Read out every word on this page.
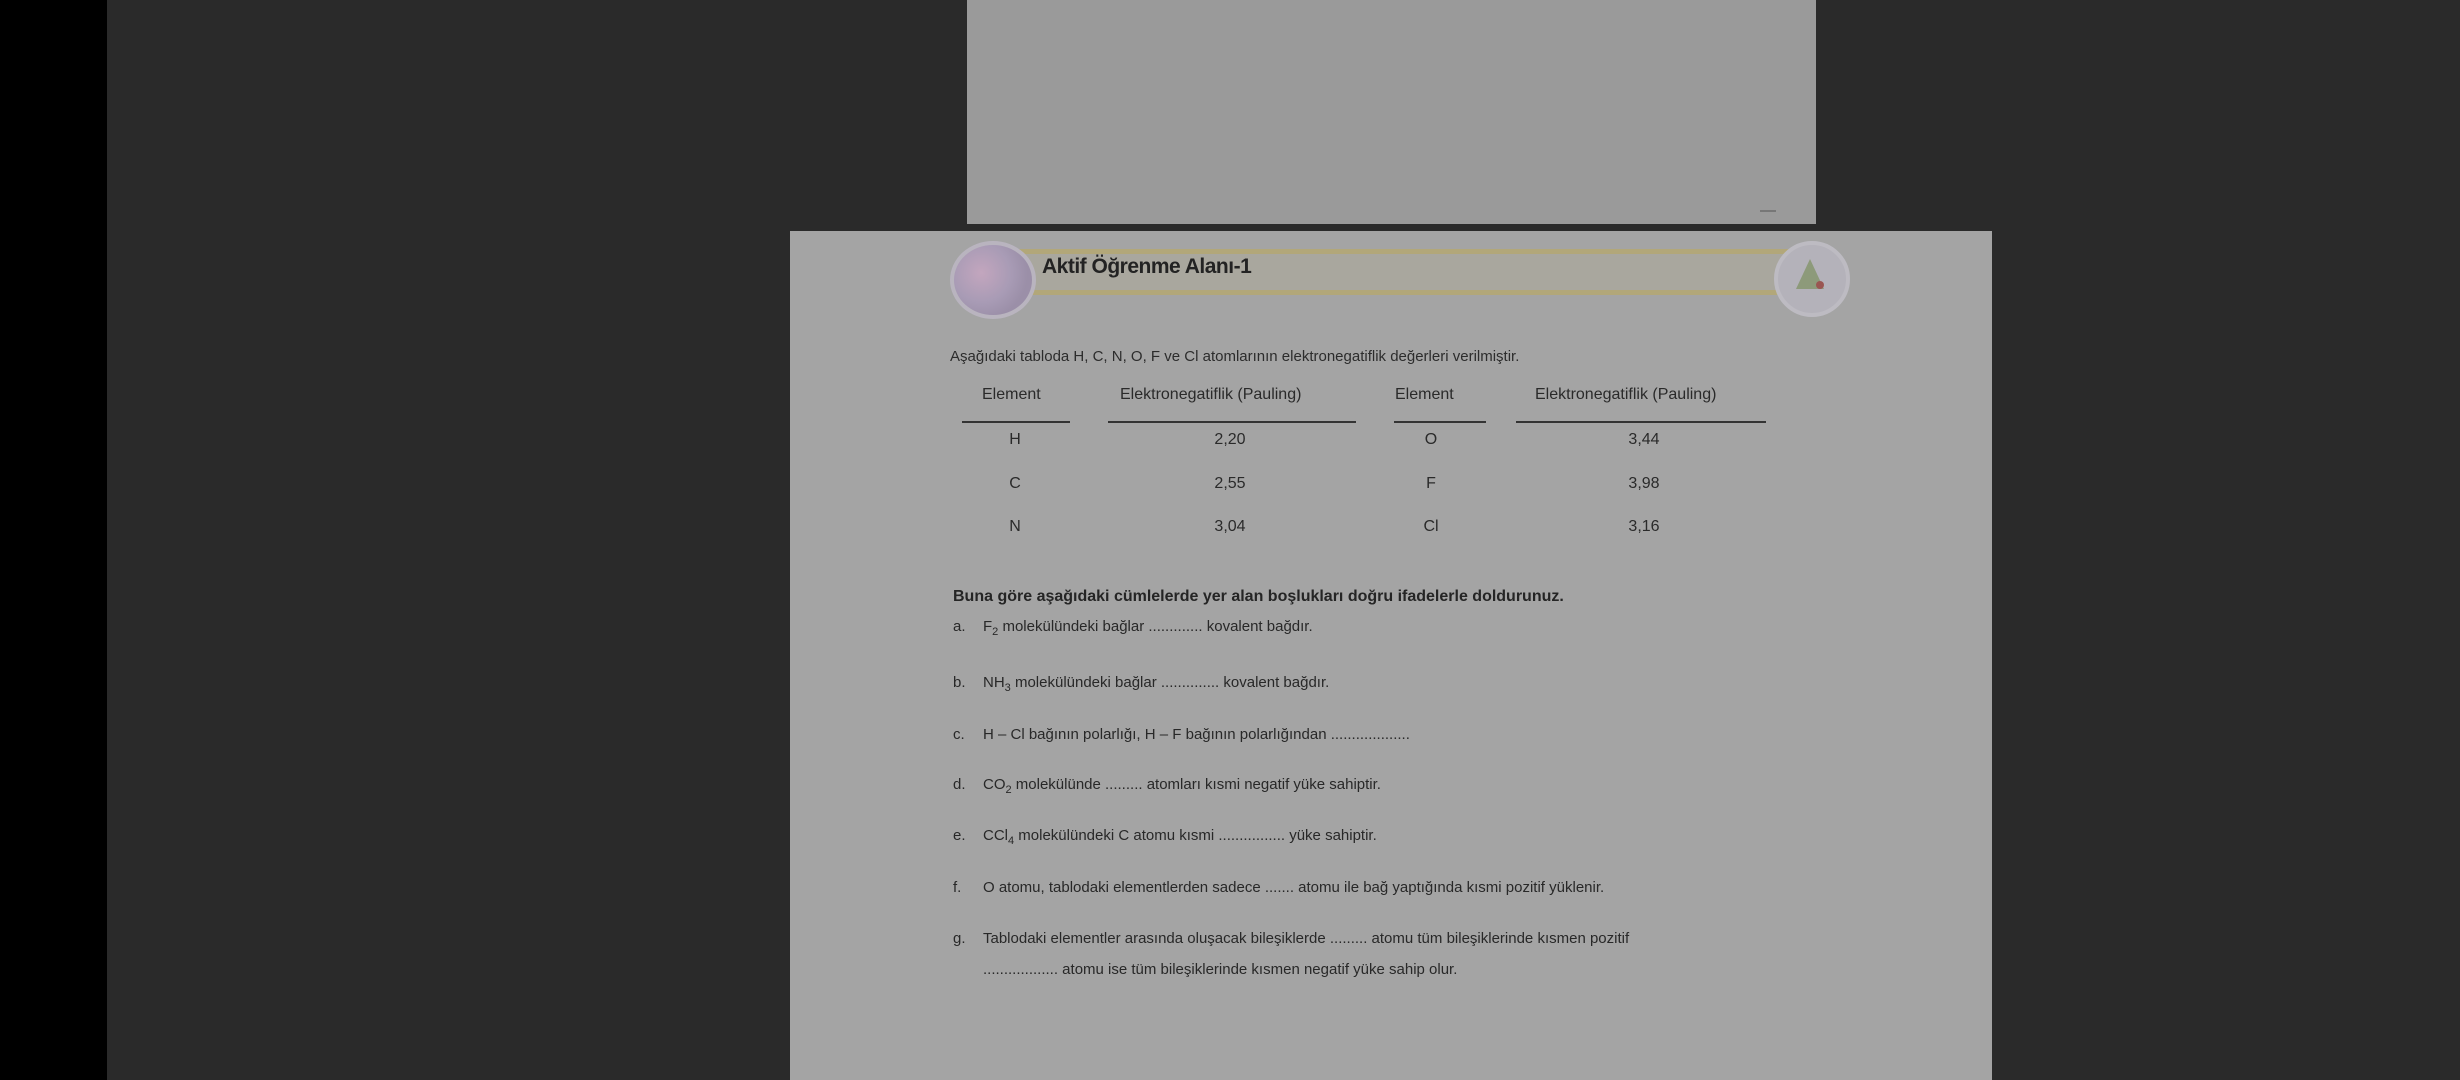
Aktif Öğrenme Alanı-1
Aşağıdaki tabloda H, C, N, O, F ve Cl atomlarının elektronegatiflik değerleri verilmiştir.
Element	Elektronegatiflik (Pauling)	Element	Elektronegatiflik (Pauling)
H	2,20	O	3,44
C	2,55	F	3,98
N	3,04	Cl	3,16
Buna göre aşağıdaki cümlelerde yer alan boşlukları doğru ifadelerle doldurunuz.
a. $F_2$ molekülündeki bağlar ............. kovalent bağdır.
b. $NH_3$ molekülündeki bağlar .............. kovalent bağdır.
c. H – Cl bağının polarlığı, H – F bağının polarlığından ...................
d. $CO_2$ molekülünde ......... atomları kısmi negatif yüke sahiptir.
e. CCl$_4$ molekülündeki C atomu kısmi ................ yüke sahiptir.
f. O atomu, tablodaki elementlerden sadece ....... atomu ile bağ yaptığında kısmi pozitif yüklenir.
g. Tablodaki elementler arasında oluşacak bileşiklerde ......... atomu tüm bileşiklerinde kısmen pozitif
.................. atomu ise tüm bileşiklerinde kısmen negatif yüke sahip olur.
